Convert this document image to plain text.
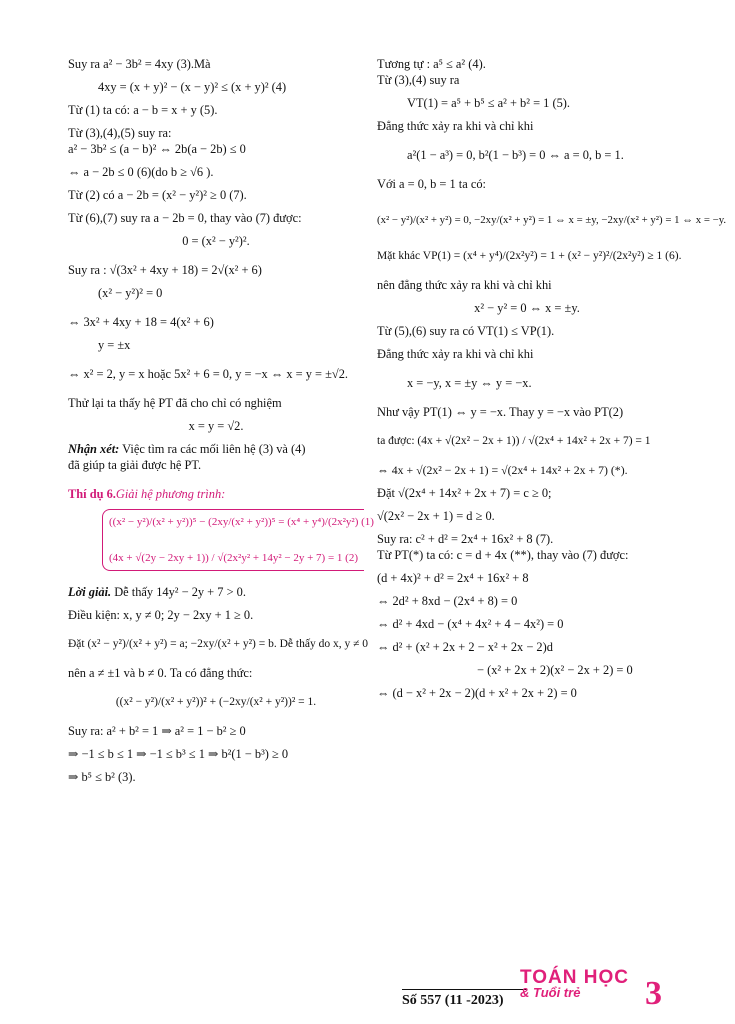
Suy ra a² − 3b² = 4xy (3).Mà
4xy = (x + y)² − (x − y)² ≤ (x + y)² (4)
Từ (1) ta có: a − b = x + y (5).
Từ (3),(4),(5) suy ra:
a² − 3b² ≤ (a − b)² ⇔ 2b(a − 2b) ≤ 0
⇔ a − 2b ≤ 0 (6)(do b ≥ √6 ).
Từ (2) có a − 2b = (x² − y²)² ≥ 0 (7).
Từ (6),(7) suy ra a − 2b = 0, thay vào (7) được:
0 = (x² − y²)².
Suy ra : √(3x² + 4xy + 18) = 2√(x² + 6)
(x² − y²)² = 0
⇔ 3x² + 4xy + 18 = 4(x² + 6)
y = ±x
⇔ x² = 2, y = x hoặc 5x² + 6 = 0, y = −x ⇔ x = y = ±√2.
Thử lại ta thấy hệ PT đã cho chỉ có nghiệm
x = y = √2.
Nhận xét: Việc tìm ra các mối liên hệ (3) và (4)
đã giúp ta giải được hệ PT.
Thí dụ 6.Giải hệ phương trình:
((x² − y²)/(x² + y²))⁵ − (2xy/(x² + y²))⁵ = (x⁴ + y⁴)/(2x²y²) (1)
(4x + √(2y − 2xy + 1)) / √(2x²y² + 14y² − 2y + 7) = 1 (2)
Lời giải. Dễ thấy 14y² − 2y + 7 > 0.
Điều kiện: x, y ≠ 0; 2y − 2xy + 1 ≥ 0.
Đặt (x² − y²)/(x² + y²) = a; −2xy/(x² + y²) = b. Dễ thấy do x, y ≠ 0
nên a ≠ ±1 và b ≠ 0. Ta có đẳng thức:
((x² − y²)/(x² + y²))² + (−2xy/(x² + y²))² = 1.
Suy ra: a² + b² = 1 ⇒ a² = 1 − b² ≥ 0
⇒ −1 ≤ b ≤ 1 ⇒ −1 ≤ b³ ≤ 1 ⇒ b²(1 − b³) ≥ 0
⇒ b⁵ ≤ b² (3).
Tương tự : a⁵ ≤ a² (4).
Từ (3),(4) suy ra
VT(1) = a⁵ + b⁵ ≤ a² + b² = 1 (5).
Đẳng thức xảy ra khi và chỉ khi
a²(1 − a³) = 0, b²(1 − b³) = 0 ⇔ a = 0, b = 1.
Với a = 0, b = 1 ta có:
(x² − y²)/(x² + y²) = 0, −2xy/(x² + y²) = 1 ⇔ x = ±y, −2xy/(x² + y²) = 1 ⇔ x = −y.
Mặt khác VP(1) = (x⁴ + y⁴)/(2x²y²) = 1 + (x² − y²)²/(2x²y²) ≥ 1 (6).
nên đẳng thức xảy ra khi và chỉ khi
x² − y² = 0 ⇔ x = ±y.
Từ (5),(6) suy ra có VT(1) ≤ VP(1).
Đẳng thức xảy ra khi và chỉ khi
x = −y, x = ±y ⇔ y = −x.
Như vậy PT(1) ⇔ y = −x. Thay y = −x vào PT(2)
ta được: (4x + √(2x² − 2x + 1)) / √(2x⁴ + 14x² + 2x + 7) = 1
⇔ 4x + √(2x² − 2x + 1) = √(2x⁴ + 14x² + 2x + 7) (*).
Đặt √(2x⁴ + 14x² + 2x + 7) = c ≥ 0;
√(2x² − 2x + 1) = d ≥ 0.
Suy ra: c² + d² = 2x⁴ + 16x² + 8 (7).
Từ PT(*) ta có: c = d + 4x (**), thay vào (7) được:
(d + 4x)² + d² = 2x⁴ + 16x² + 8
⇔ 2d² + 8xd − (2x⁴ + 8) = 0
⇔ d² + 4xd − (x⁴ + 4x² + 4 − 4x²) = 0
⇔ d² + (x² + 2x + 2 − x² + 2x − 2)d
− (x² + 2x + 2)(x² − 2x + 2) = 0
⇔ (d − x² + 2x − 2)(d + x² + 2x + 2) = 0
Số 557 (11 -2023)
TOÁN HỌC
& Tuổi trẻ	3
